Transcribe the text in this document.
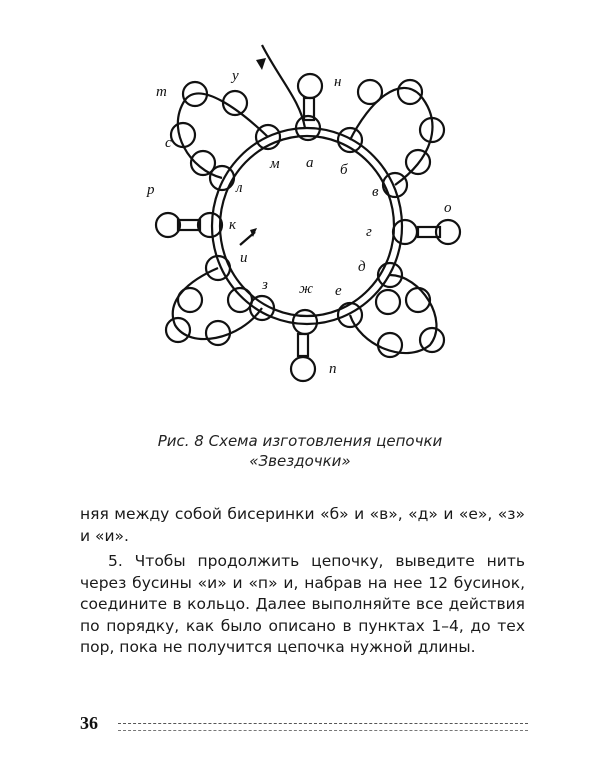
т
у	н
с
м а б
р	л	в
о
к	г
и
д
з ж е
п
Рис. 8 Схема изготовления цепочки
«Звездочки»

няя между собой бисеринки «б» и «в», «д» и «е», «з» и «и».

5. Чтобы продолжить цепочку, выведите нить через бусины «и» и «п» и, набрав на нее 12 бусинок, соедините в кольцо. Далее выполняйте все действия по порядку, как было описано в пунктах 1–4, до тех пор, пока не получится цепочка нужной длины.

36
